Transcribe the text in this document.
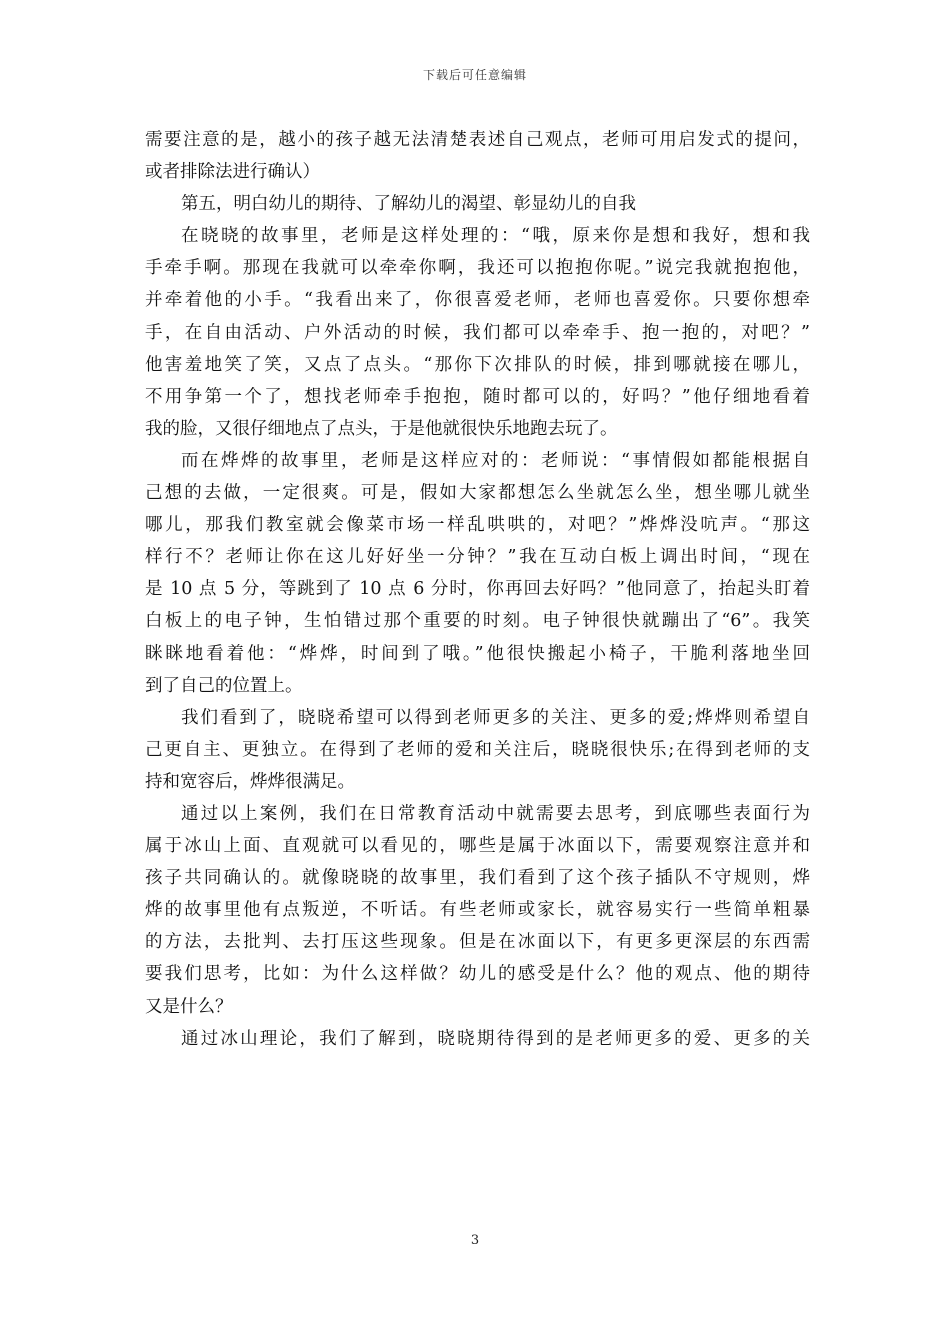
下载后可任意编辑
需要注意的是，越小的孩子越无法清楚表述自己观点，老师可用启发式的提问，
或者排除法进行确认）
第五，明白幼儿的期待、了解幼儿的渴望、彰显幼儿的自我
在晓晓的故事里，老师是这样处理的：“哦，原来你是想和我好，想和我
手牵手啊。那现在我就可以牵牵你啊，我还可以抱抱你呢。”说完我就抱抱他，
并牵着他的小手。“我看出来了，你很喜爱老师，老师也喜爱你。只要你想牵
手，在自由活动、户外活动的时候，我们都可以牵牵手、抱一抱的，对吧？”
他害羞地笑了笑，又点了点头。“那你下次排队的时候，排到哪就接在哪儿，
不用争第一个了，想找老师牵手抱抱，随时都可以的，好吗？”他仔细地看着
我的脸，又很仔细地点了点头，于是他就很快乐地跑去玩了。
而在烨烨的故事里，老师是这样应对的：老师说：“事情假如都能根据自
己想的去做，一定很爽。可是，假如大家都想怎么坐就怎么坐，想坐哪儿就坐
哪儿，那我们教室就会像菜市场一样乱哄哄的，对吧？”烨烨没吭声。“那这
样行不？老师让你在这儿好好坐一分钟？”我在互动白板上调出时间，“现在
是 10 点 5 分，等跳到了 10 点 6 分时，你再回去好吗？”他同意了，抬起头盯着
白板上的电子钟，生怕错过那个重要的时刻。电子钟很快就蹦出了“6”。我笑
眯眯地看着他：“烨烨，时间到了哦。”他很快搬起小椅子，干脆利落地坐回
到了自己的位置上。
我们看到了，晓晓希望可以得到老师更多的关注、更多的爱;烨烨则希望自
己更自主、更独立。在得到了老师的爱和关注后，晓晓很快乐;在得到老师的支
持和宽容后，烨烨很满足。
通过以上案例，我们在日常教育活动中就需要去思考，到底哪些表面行为
属于冰山上面、直观就可以看见的，哪些是属于冰面以下，需要观察注意并和
孩子共同确认的。就像晓晓的故事里，我们看到了这个孩子插队不守规则，烨
烨的故事里他有点叛逆，不听话。有些老师或家长，就容易实行一些简单粗暴
的方法，去批判、去打压这些现象。但是在冰面以下，有更多更深层的东西需
要我们思考，比如：为什么这样做？幼儿的感受是什么？他的观点、他的期待
又是什么？
通过冰山理论，我们了解到，晓晓期待得到的是老师更多的爱、更多的关
3
